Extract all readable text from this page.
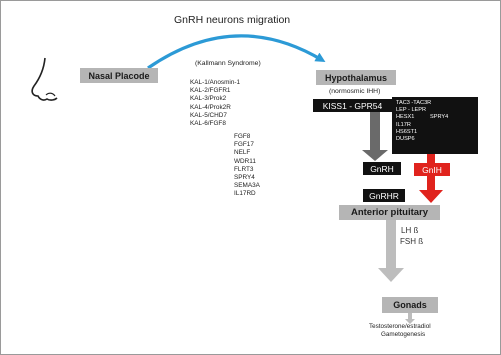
GnRH neurons migration
Nasal Placode
(Kallmann Syndrome)
KAL-1/Anosmin-1
KAL-2/FGFR1
KAL-3/Prok2
KAL-4/Prok2R
KAL-5/CHD7
KAL-6/FGF8
FGF8
FGF17
NELF
WDR11
FLRT3
SPRY4
SEMA3A
IL17RD
Hypothalamus
(normosmic IHH)
KISS1 - GPR54	TAC3 -TAC3R
LEP - LEPR
HESX1	SPRY4
IL17R
HS6ST1
DUSP6
GnRH	GnIH
GnRHR
Anterior pituitary
LH ß
FSH ß
Gonads
Testosterone/estradiol
Gametogenesis
